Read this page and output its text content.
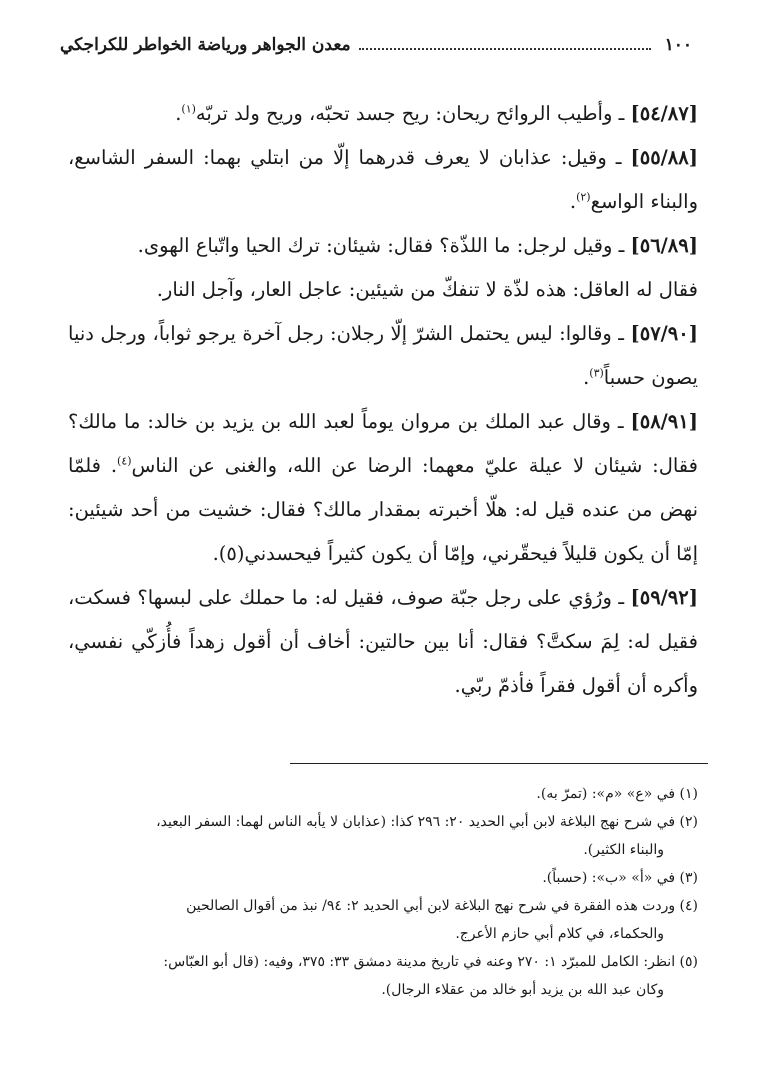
١٠٠
معدن الجواهر ورياضة الخواطر للكراجكي

[٥٤/٨٧] ـ وأطيب الروائح ريحان: ريح جسد تحبّه، وريح ولد تربّه$^{(١)}$.

[٥٥/٨٨] ـ وقيل: عذابان لا يعرف قدرهما إلّا من ابتلي بهما: السفر الشاسع، والبناء الواسع$^{(٢)}$.

[٥٦/٨٩] ـ وقيل لرجل: ما اللذّة؟ فقال: شيئان: ترك الحيا واتّباع الهوى.

فقال له العاقل: هذه لذّة لا تنفكّ من شيئين: عاجل العار، وآجل النار.

[٥٧/٩٠] ـ وقالوا: ليس يحتمل الشرّ إلّا رجلان: رجل آخرة يرجو ثواباً، ورجل دنيا يصون حسباً$^{(٣)}$.

[٥٨/٩١] ـ وقال عبد الملك بن مروان يوماً لعبد الله بن يزيد بن خالد: ما مالك؟ فقال: شيئان لا عيلة عليّ معهما: الرضا عن الله، والغنى عن الناس$^{(٤)}$. فلمّا نهض من عنده قيل له: هلّا أخبرته بمقدار مالك؟ فقال: خشيت من أحد شيئين: إمّا أن يكون قليلاً فيحقّرني، وإمّا أن يكون كثيراً فيحسدني(٥).

[٥٩/٩٢] ـ ورُؤي على رجل جبّة صوف، فقيل له: ما حملك على لبسها؟ فسكت، فقيل له: لِمَ سكتَّ؟ فقال: أنا بين حالتين: أخاف أن أقول زهداً فأُزكّي نفسي، وأكره أن أقول فقراً فأذمّ ربّي.

(١) في «ع» «م»: (تمرّ به).

(٢) في شرح نهج البلاغة لابن أبي الحديد ٢٠: ٢٩٦ كذا: (عذابان لا يأبه الناس لهما: السفر البعيد،

والبناء الكثير).

(٣) في «أ» «ب»: (حسباً).

(٤) وردت هذه الفقرة في شرح نهج البلاغة لابن أبي الحديد ٢: ٩٤/ نبذ من أقوال الصالحين

والحكماء، في كلام أبي حازم الأعرج.

(٥) انظر: الكامل للمبرّد ١: ٢٧٠ وعنه في تاريخ مدينة دمشق ٣٣: ٣٧٥، وفيه: (قال أبو العبّاس:

وكان عبد الله بن يزيد أبو خالد من عقلاء الرجال).
